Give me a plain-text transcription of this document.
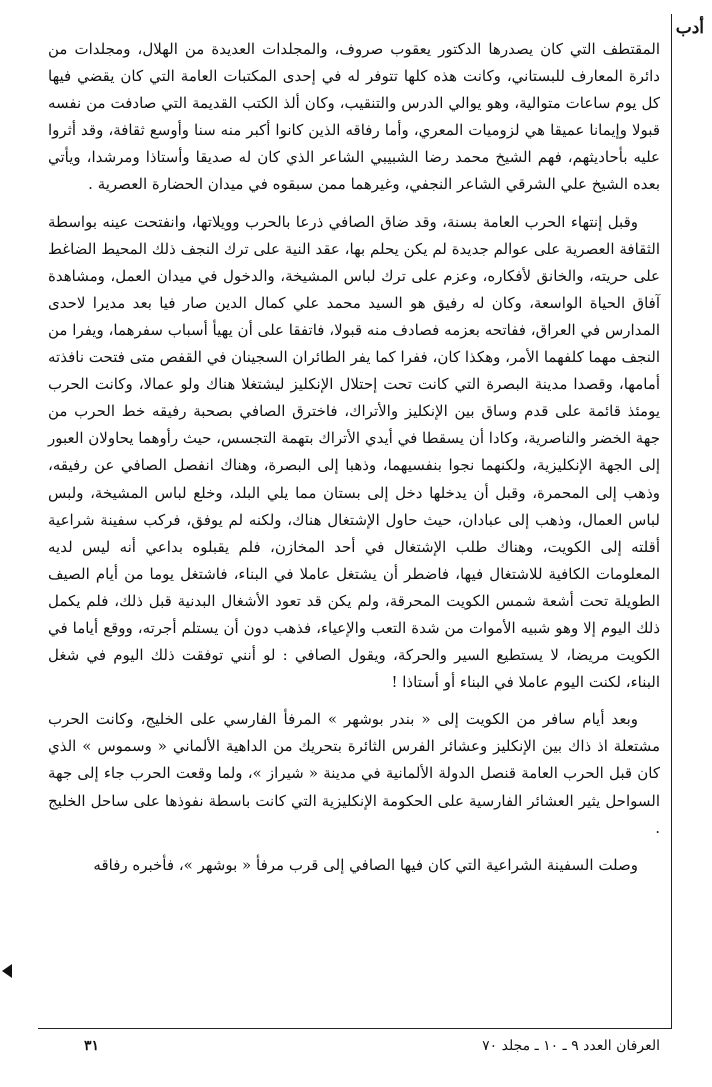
أدب

المقتطف التي كان يصدرها الدكتور يعقوب صروف، والمجلدات العديدة من الهلال، ومجلدات من دائرة المعارف للبستاني، وكانت هذه كلها تتوفر له في إحدى المكتبات العامة التي كان يقضي فيها كل يوم ساعات متوالية، وهو يوالي الدرس والتنقيب، وكان ألذ الكتب القديمة التي صادفت من نفسه قبولا وإيمانا عميقا هي لزوميات المعري، وأما رفاقه الذين كانوا أكبر منه سنا وأوسع ثقافة، وقد أثروا عليه بأحاديثهم، فهم الشيخ محمد رضا الشبيبي الشاعر الذي كان له صديقا وأستاذا ومرشدا، ويأتي بعده الشيخ علي الشرقي الشاعر النجفي، وغيرهما ممن سبقوه في ميدان الحضارة العصرية .

وقبل إنتهاء الحرب العامة بسنة، وقد ضاق الصافي ذرعا بالحرب وويلاتها، وانفتحت عينه بواسطة الثقافة العصرية على عوالم جديدة لم يكن يحلم بها، عقد النية على ترك النجف ذلك المحيط الضاغط على حريته، والخانق لأفكاره، وعزم على ترك لباس المشيخة، والدخول في ميدان العمل، ومشاهدة آفاق الحياة الواسعة، وكان له رفيق هو السيد محمد علي كمال الدين صار فيا بعد مديرا لاحدى المدارس في العراق، ففاتحه بعزمه فصادف منه قبولا، فاتفقا على أن يهيأ أسباب سفرهما، ويفرا من النجف مهما كلفهما الأمر، وهكذا كان، ففرا كما يفر الطائران السجينان في القفص متى فتحت نافذته أمامها، وقصدا مدينة البصرة التي كانت تحت إحتلال الإنكليز ليشتغلا هناك ولو عمالا، وكانت الحرب يومئذ قائمة على قدم وساق بين الإنكليز والأتراك، فاخترق الصافي بصحبة رفيقه خط الحرب من جهة الخضر والناصرية، وكادا أن يسقطا في أيدي الأتراك بتهمة التجسس، حيث رأوهما يحاولان العبور إلى الجهة الإنكليزية، ولكنهما نجوا بنفسيهما، وذهبا إلى البصرة، وهناك انفصل الصافي عن رفيقه، وذهب إلى المحمرة، وقبل أن يدخلها دخل إلى بستان مما يلي البلد، وخلع لباس المشيخة، ولبس لباس العمال، وذهب إلى عبادان، حيث حاول الإشتغال هناك، ولكنه لم يوفق، فركب سفينة شراعية أقلته إلى الكويت، وهناك طلب الإشتغال في أحد المخازن، فلم يقبلوه بداعي أنه ليس لديه المعلومات الكافية للاشتغال فيها، فاضطر أن يشتغل عاملا في البناء، فاشتغل يوما من أيام الصيف الطويلة تحت أشعة شمس الكويت المحرقة، ولم يكن قد تعود الأشغال البدنية قبل ذلك، فلم يكمل ذلك اليوم إلا وهو شبيه الأموات من شدة التعب والإعياء، فذهب دون أن يستلم أجرته، ووقع أياما في الكويت مريضا، لا يستطيع السير والحركة، ويقول الصافي : لو أنني توفقت ذلك اليوم في شغل البناء، لكنت اليوم عاملا في البناء أو أستاذا !

وبعد أيام سافر من الكويت إلى « بندر بوشهر » المرفأ الفارسي على الخليج، وكانت الحرب مشتعلة اذ ذاك بين الإنكليز وعشائر الفرس الثائرة بتحريك من الداهية الألماني « وسموس » الذي كان قبل الحرب العامة قنصل الدولة الألمانية في مدينة « شيراز »، ولما وقعت الحرب جاء إلى جهة السواحل يثير العشائر الفارسية على الحكومة الإنكليزية التي كانت باسطة نفوذها على ساحل الخليج .

وصلت السفينة الشراعية التي كان فيها الصافي إلى قرب مرفأ « بوشهر »، فأخبره رفاقه

العرفان العدد ٩ ـ ١٠ ـ مجلد ٧٠
٣١
